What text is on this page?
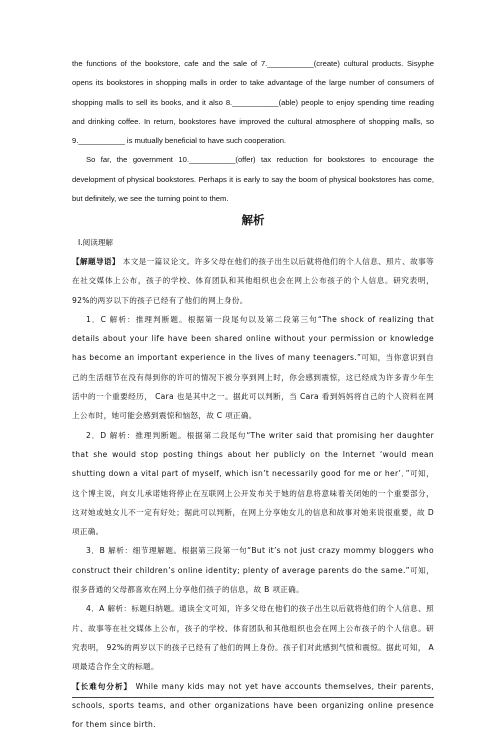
the functions of the bookstore, cafe and the sale of 7.___________(create) cultural products. Sisyphe opens its bookstores in shopping malls in order to take advantage of the large number of consumers of shopping malls to sell its books, and it also 8.___________(able) people to enjoy spending time reading and drinking coffee. In return, bookstores have improved the cultural atmosphere of shopping malls, so 9.___________ is mutually beneficial to have such cooperation.

So far, the government 10.___________(offer) tax reduction for bookstores to encourage the development of physical bookstores. Perhaps it is early to say the boom of physical bookstores has come, but definitely, we see the turning point to them.

解析

Ⅰ.阅读理解

【解题导语】 本文是一篇议论文。许多父母在他们的孩子出生以后就将他们的个人信息、照片、故事等在社交媒体上公布，孩子的学校、体育团队和其他组织也会在网上公布孩子的个人信息。研究表明， 92%的两岁以下的孩子已经有了他们的网上身份。

1．C 解析：推理判断题。根据第一段尾句以及第二段第三句“The shock of realizing that details about your life have been shared online without your permission or knowledge has become an important experience in the lives of many teenagers.”可知，当你意识到自己的生活细节在没有得到你的许可的情况下被分享到网上时，你会感到震惊，这已经成为许多青少年生活中的一个重要经历， Cara 也是其中之一。据此可以判断，当 Cara 看到妈妈将自己的个人资料在网上公布时，她可能会感到震惊和恼怒，故 C 项正确。

2．D 解析：推理判断题。根据第二段尾句“The writer said that promising her daughter that she would stop posting things about her publicly on the Internet ‘would mean shutting down a vital part of myself, which isn’t necessarily good for me or her’．”可知，这个博主说，向女儿承诺她将停止在互联网上公开发布关于她的信息将意味着关闭她的一个重要部分，这对她或她女儿不一定有好处；据此可以判断，在网上分享她女儿的信息和故事对她来说很重要，故 D 项正确。

3．B 解析：细节理解题。根据第三段第一句“But it’s not just crazy mommy bloggers who construct their children’s online identity; plenty of average parents do the same.”可知，很多普通的父母都喜欢在网上分享他们孩子的信息，故 B 项正确。

4．A 解析：标题归纳题。通读全文可知，许多父母在他们的孩子出生以后就将他们的个人信息、照片、故事等在社交媒体上公布，孩子的学校、体育团队和其他组织也会在网上公布孩子的个人信息。研究表明， 92%的两岁以下的孩子已经有了他们的网上身份。孩子们对此感到气愤和震惊。据此可知， A 项最适合作全文的标题。

【长难句分析】 While many kids may not yet have accounts themselves, their parents, schools, sports teams, and other organizations have been organizing online presence for them since birth.
